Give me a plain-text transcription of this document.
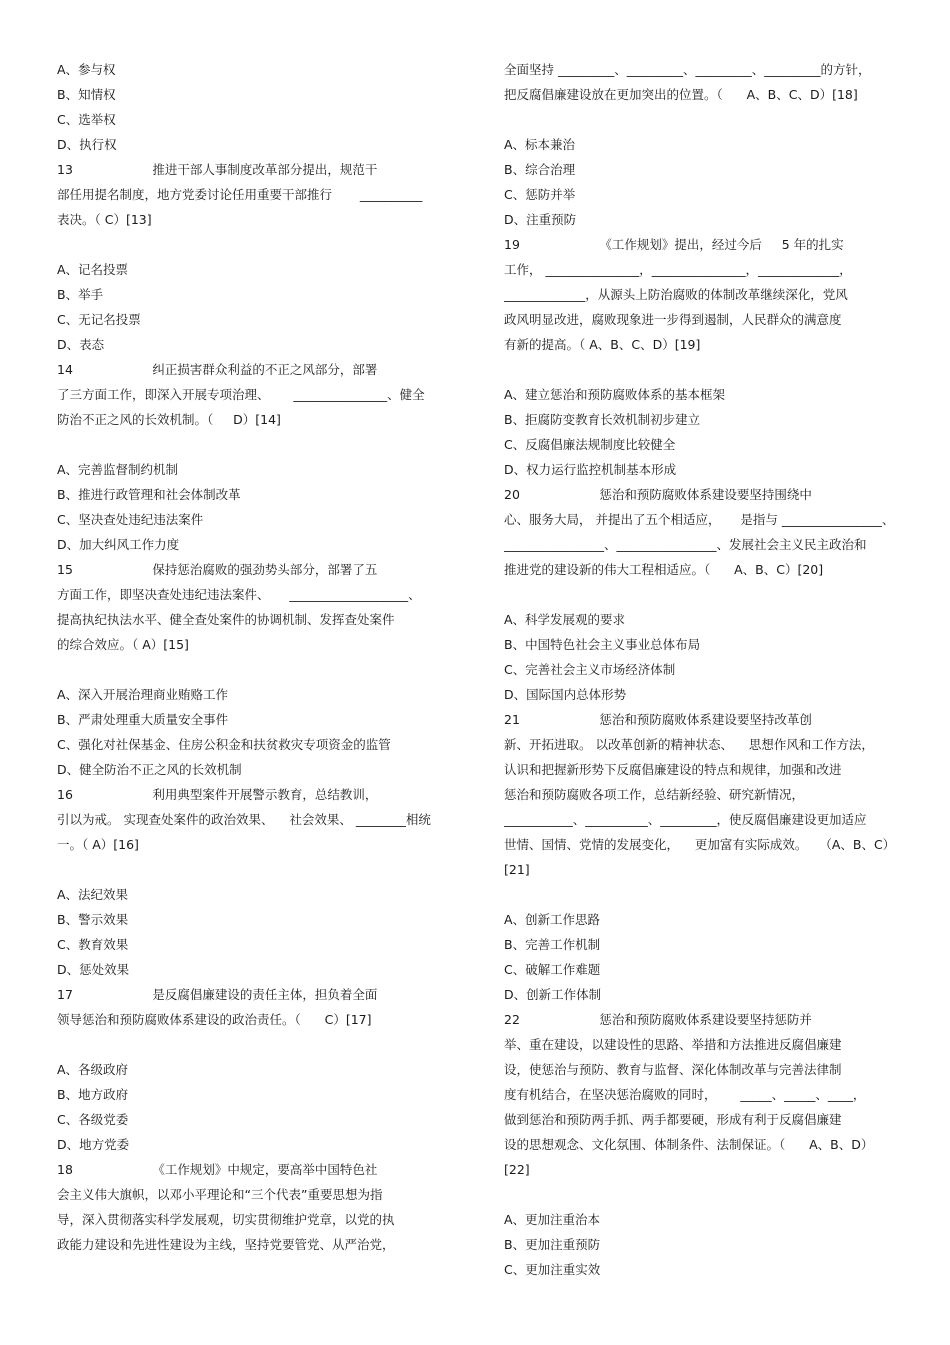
A、参与权
B、知情权
C、选举权
D、执行权
13                    推进干部人事制度改革部分提出，规范干
部任用提名制度，地方党委讨论任用重要干部推行       __________
表决。（ C）[13]
A、记名投票
B、举手
C、无记名投票
D、表态
14                    纠正损害群众利益的不正之风部分，部署
了三方面工作，即深入开展专项治理、      _______________、健全
防治不正之风的长效机制。（     D）[14]
A、完善监督制约机制
B、推进行政管理和社会体制改革
C、坚决查处违纪违法案件
D、加大纠风工作力度
15                    保持惩治腐败的强劲势头部分，部署了五
方面工作，即坚决查处违纪违法案件、     ___________________、
提高执纪执法水平、健全查处案件的协调机制、发挥查处案件
的综合效应。（ A）[15]
A、深入开展治理商业贿赂工作
B、严肃处理重大质量安全事件
C、强化对社保基金、住房公积金和扶贫救灾专项资金的监管
D、健全防治不正之风的长效机制
16                    利用典型案件开展警示教育，总结教训，
引以为戒。 实现查处案件的政治效果、    社会效果、 ________相统
一。（ A）[16]
A、法纪效果
B、警示效果
C、教育效果
D、惩处效果
17                    是反腐倡廉建设的责任主体，担负着全面
领导惩治和预防腐败体系建设的政治责任。（      C）[17]
A、各级政府
B、地方政府
C、各级党委
D、地方党委
18                    《工作规划》中规定，要高举中国特色社
会主义伟大旗帜，以邓小平理论和“三个代表”重要思想为指
导，深入贯彻落实科学发展观，切实贯彻维护党章，以党的执
政能力建设和先进性建设为主线，坚持党要管党、从严治党，
全面坚持 _________、_________、_________、_________的方针，
把反腐倡廉建设放在更加突出的位置。（      A、B、C、D）[18]
A、标本兼治
B、综合治理
C、惩防并举
D、注重预防
19                    《工作规划》提出，经过今后     5 年的扎实
工作， _______________，_______________，_____________，
_____________，从源头上防治腐败的体制改革继续深化，党风
政风明显改进，腐败现象进一步得到遏制，人民群众的满意度
有新的提高。（ A、B、C、D）[19]
A、建立惩治和预防腐败体系的基本框架
B、拒腐防变教育长效机制初步建立
C、反腐倡廉法规制度比较健全
D、权力运行监控机制基本形成
20                    惩治和预防腐败体系建设要坚持围绕中
心、服务大局， 并提出了五个相适应，     是指与 ________________、
________________、________________、发展社会主义民主政治和
推进党的建设新的伟大工程相适应。（      A、B、C）[20]
A、科学发展观的要求
B、中国特色社会主义事业总体布局
C、完善社会主义市场经济体制
D、国际国内总体形势
21                    惩治和预防腐败体系建设要坚持改革创
新、开拓进取。 以改革创新的精神状态、    思想作风和工作方法，
认识和把握新形势下反腐倡廉建设的特点和规律，加强和改进
惩治和预防腐败各项工作，总结新经验、研究新情况，
___________、__________、_________，使反腐倡廉建设更加适应
世情、国情、党情的发展变化，    更加富有实际成效。   （A、B、C）
[21]
A、创新工作思路
B、完善工作机制
C、破解工作难题
D、创新工作体制
22                    惩治和预防腐败体系建设要坚持惩防并
举、重在建设，以建设性的思路、举措和方法推进反腐倡廉建
设，使惩治与预防、教育与监督、深化体制改革与完善法律制
度有机结合，在坚决惩治腐败的同时，      _____、_____、____，
做到惩治和预防两手抓、两手都要硬，形成有利于反腐倡廉建
设的思想观念、文化氛围、体制条件、法制保证。（      A、B、D）
[22]
A、更加注重治本
B、更加注重预防
C、更加注重实效
